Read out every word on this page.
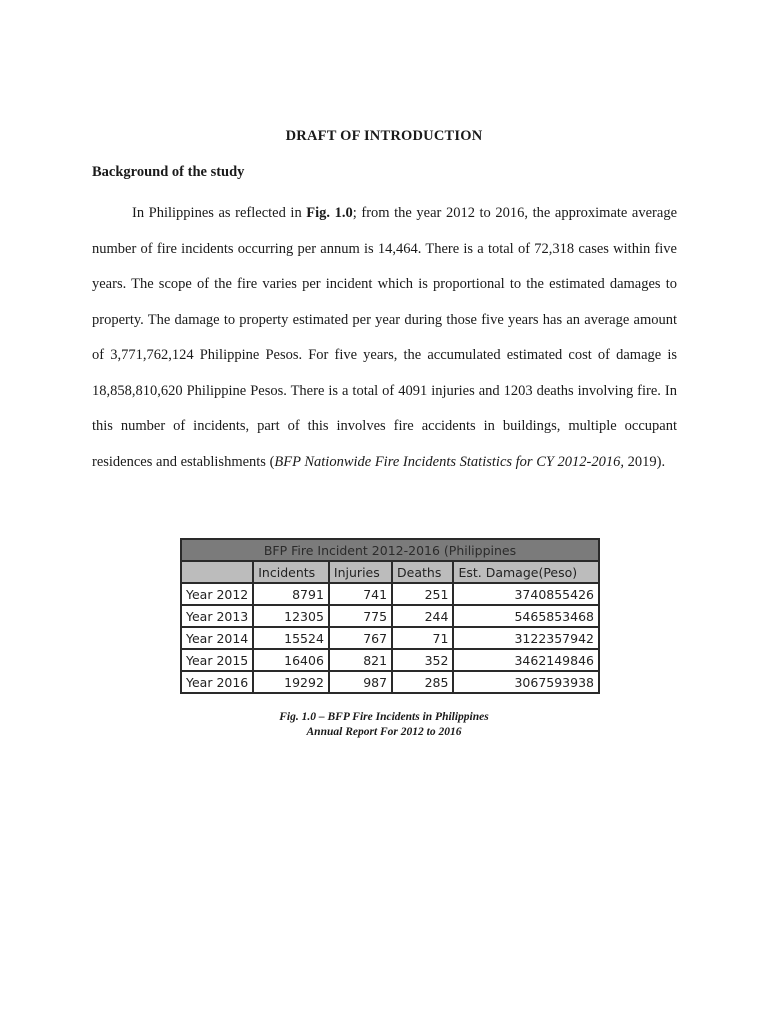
DRAFT OF INTRODUCTION
Background of the study

In Philippines as reflected in Fig. 1.0; from the year 2012 to 2016, the approximate average number of fire incidents occurring per annum is 14,464. There is a total of 72,318 cases within five years. The scope of the fire varies per incident which is proportional to the estimated damages to property. The damage to property estimated per year during those five years has an average amount of 3,771,762,124 Philippine Pesos. For five years, the accumulated estimated cost of damage is 18,858,810,620 Philippine Pesos. There is a total of 4091 injuries and 1203 deaths involving fire. In this number of incidents, part of this involves fire accidents in buildings, multiple occupant residences and establishments (BFP Nationwide Fire Incidents Statistics for CY 2012-2016, 2019).

BFP Fire Incident 2012-2016 (Philippines				
	Incidents	Injuries	Deaths	Est. Damage(Peso)
Year 2012	8791	741	251	3740855426
Year 2013	12305	775	244	5465853468
Year 2014	15524	767	71	3122357942
Year 2015	16406	821	352	3462149846
Year 2016	19292	987	285	3067593938
Fig. 1.0 – BFP Fire Incidents in Philippines Annual Report For 2012 to 2016
